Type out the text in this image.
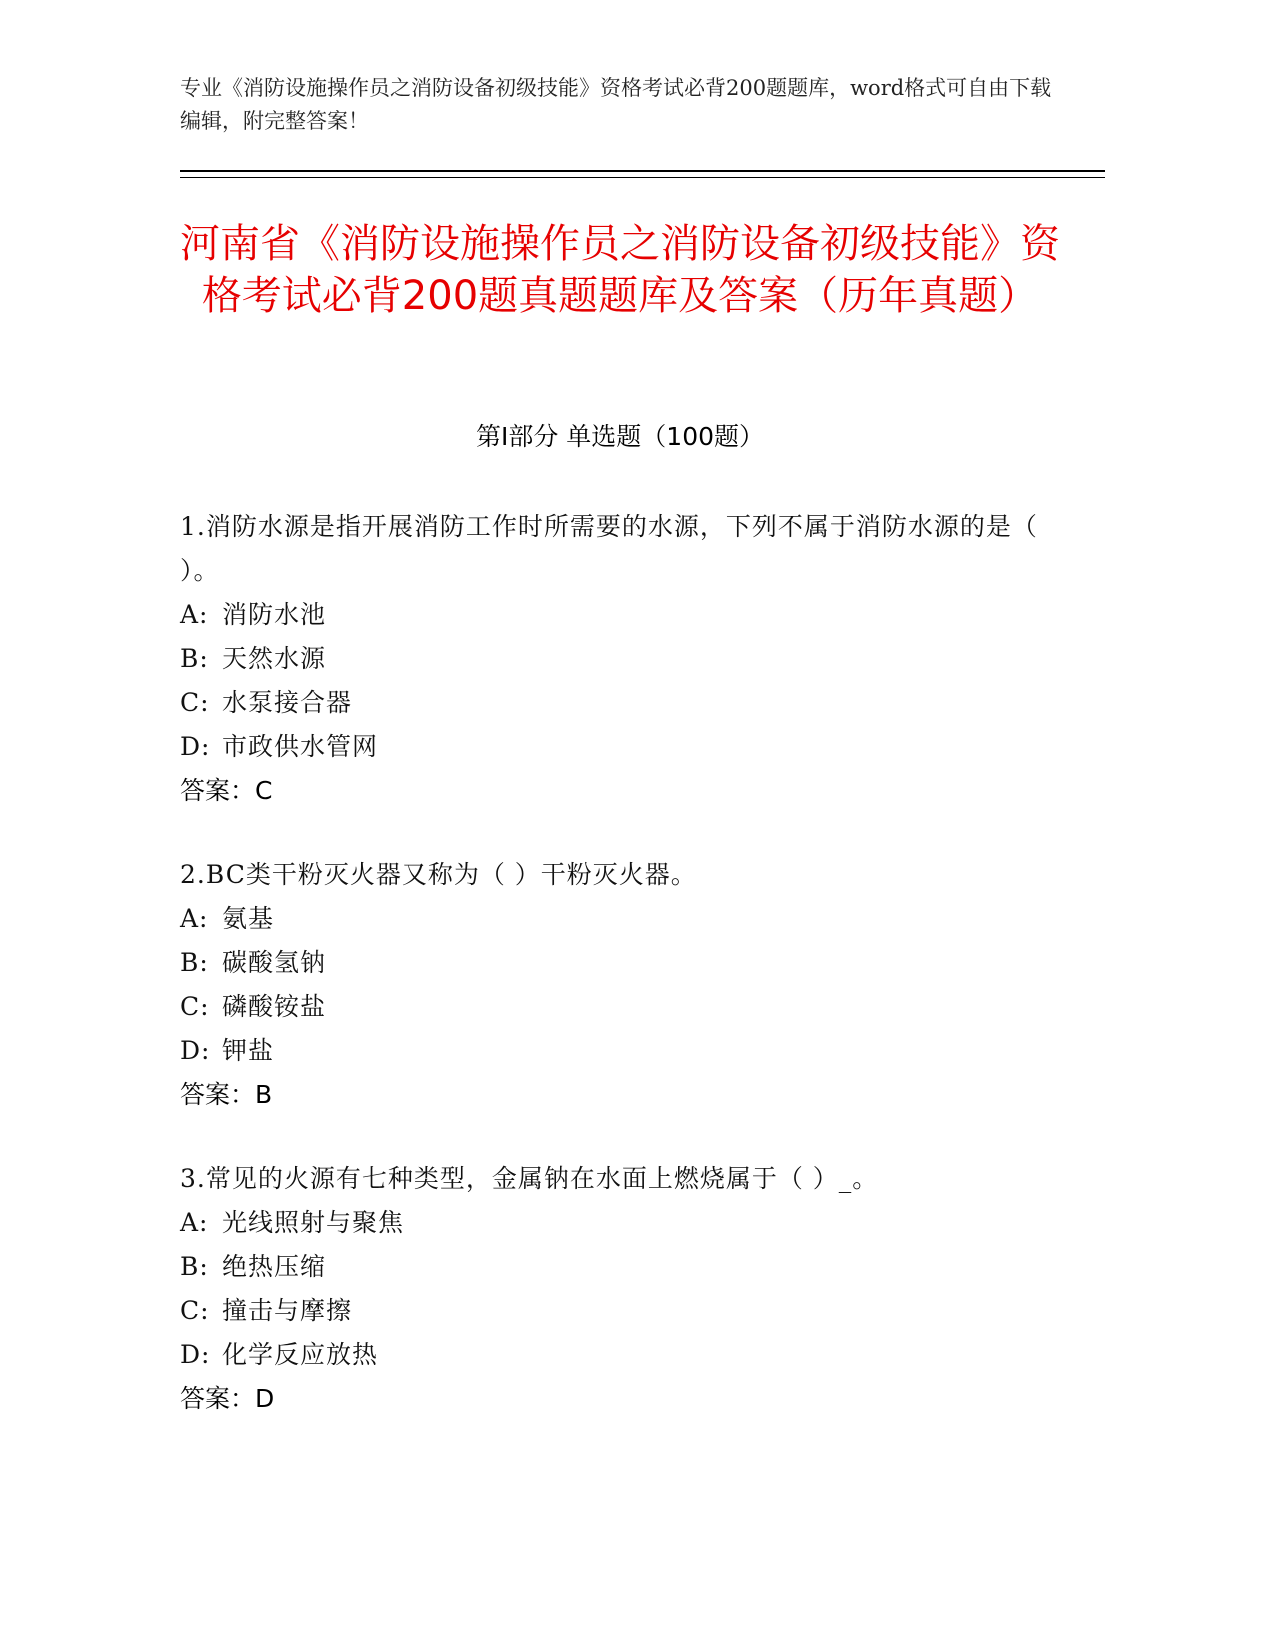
专业《消防设施操作员之消防设备初级技能》资格考试必背200题题库，word格式可自由下载编辑，附完整答案！
河南省《消防设施操作员之消防设备初级技能》资格考试必背200题真题题库及答案（历年真题）
第Ⅰ部分 单选题（100题）
1.消防水源是指开展消防工作时所需要的水源，下列不属于消防水源的是（ ）。
A: 消防水池
B: 天然水源
C: 水泵接合器
D: 市政供水管网
答案：C
2.BC类干粉灭火器又称为（ ）干粉灭火器。
A: 氨基
B: 碳酸氢钠
C: 磷酸铵盐
D: 钾盐
答案：B
3.常见的火源有七种类型，金属钠在水面上燃烧属于（ ）_。
A: 光线照射与聚焦
B: 绝热压缩
C: 撞击与摩擦
D: 化学反应放热
答案：D
